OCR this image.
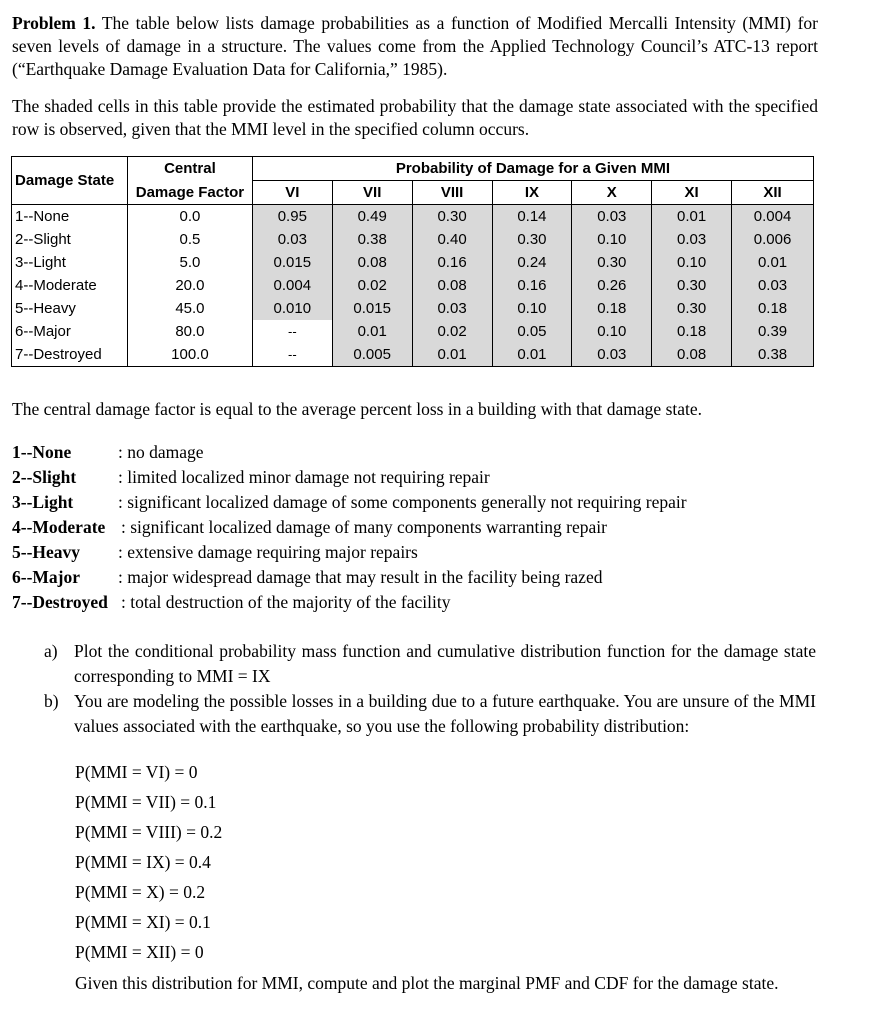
Problem 1. The table below lists damage probabilities as a function of Modified Mercalli Intensity (MMI) for seven levels of damage in a structure. The values come from the Applied Technology Council’s ATC-13 report (“Earthquake Damage Evaluation Data for California,” 1985).
The shaded cells in this table provide the estimated probability that the damage state associated with the specified row is observed, given that the MMI level in the specified column occurs.
Damage State	Central	Probability of Damage for a Given MMI						
	Damage Factor	VI	VII	VIII	IX	X	XI	XII
1--None	0.0	0.95	0.49	0.30	0.14	0.03	0.01	0.004
2--Slight	0.5	0.03	0.38	0.40	0.30	0.10	0.03	0.006
3--Light	5.0	0.015	0.08	0.16	0.24	0.30	0.10	0.01
4--Moderate	20.0	0.004	0.02	0.08	0.16	0.26	0.30	0.03
5--Heavy	45.0	0.010	0.015	0.03	0.10	0.18	0.30	0.18
6--Major	80.0	--	0.01	0.02	0.05	0.10	0.18	0.39
7--Destroyed	100.0	--	0.005	0.01	0.01	0.03	0.08	0.38
The central damage factor is equal to the average percent loss in a building with that damage state.
1--None	: no damage
2--Slight : limited localized minor damage not requiring repair
3--Light	: significant localized damage of some components generally not requiring repair
4--Moderate : significant localized damage of many components warranting repair
5--Heavy : extensive damage requiring major repairs
6--Major : major widespread damage that may result in the facility being razed
7--Destroyed : total destruction of the majority of the facility
a) Plot the conditional probability mass function and cumulative distribution function for the damage state corresponding to MMI = IX
b) You are modeling the possible losses in a building due to a future earthquake. You are unsure of the MMI values associated with the earthquake, so you use the following probability distribution:
P(MMI = VI) = 0
P(MMI = VII) = 0.1
P(MMI = VIII) = 0.2
P(MMI = IX) = 0.4
P(MMI = X) = 0.2
P(MMI = XI) = 0.1
P(MMI = XII) = 0
Given this distribution for MMI, compute and plot the marginal PMF and CDF for the damage state.
